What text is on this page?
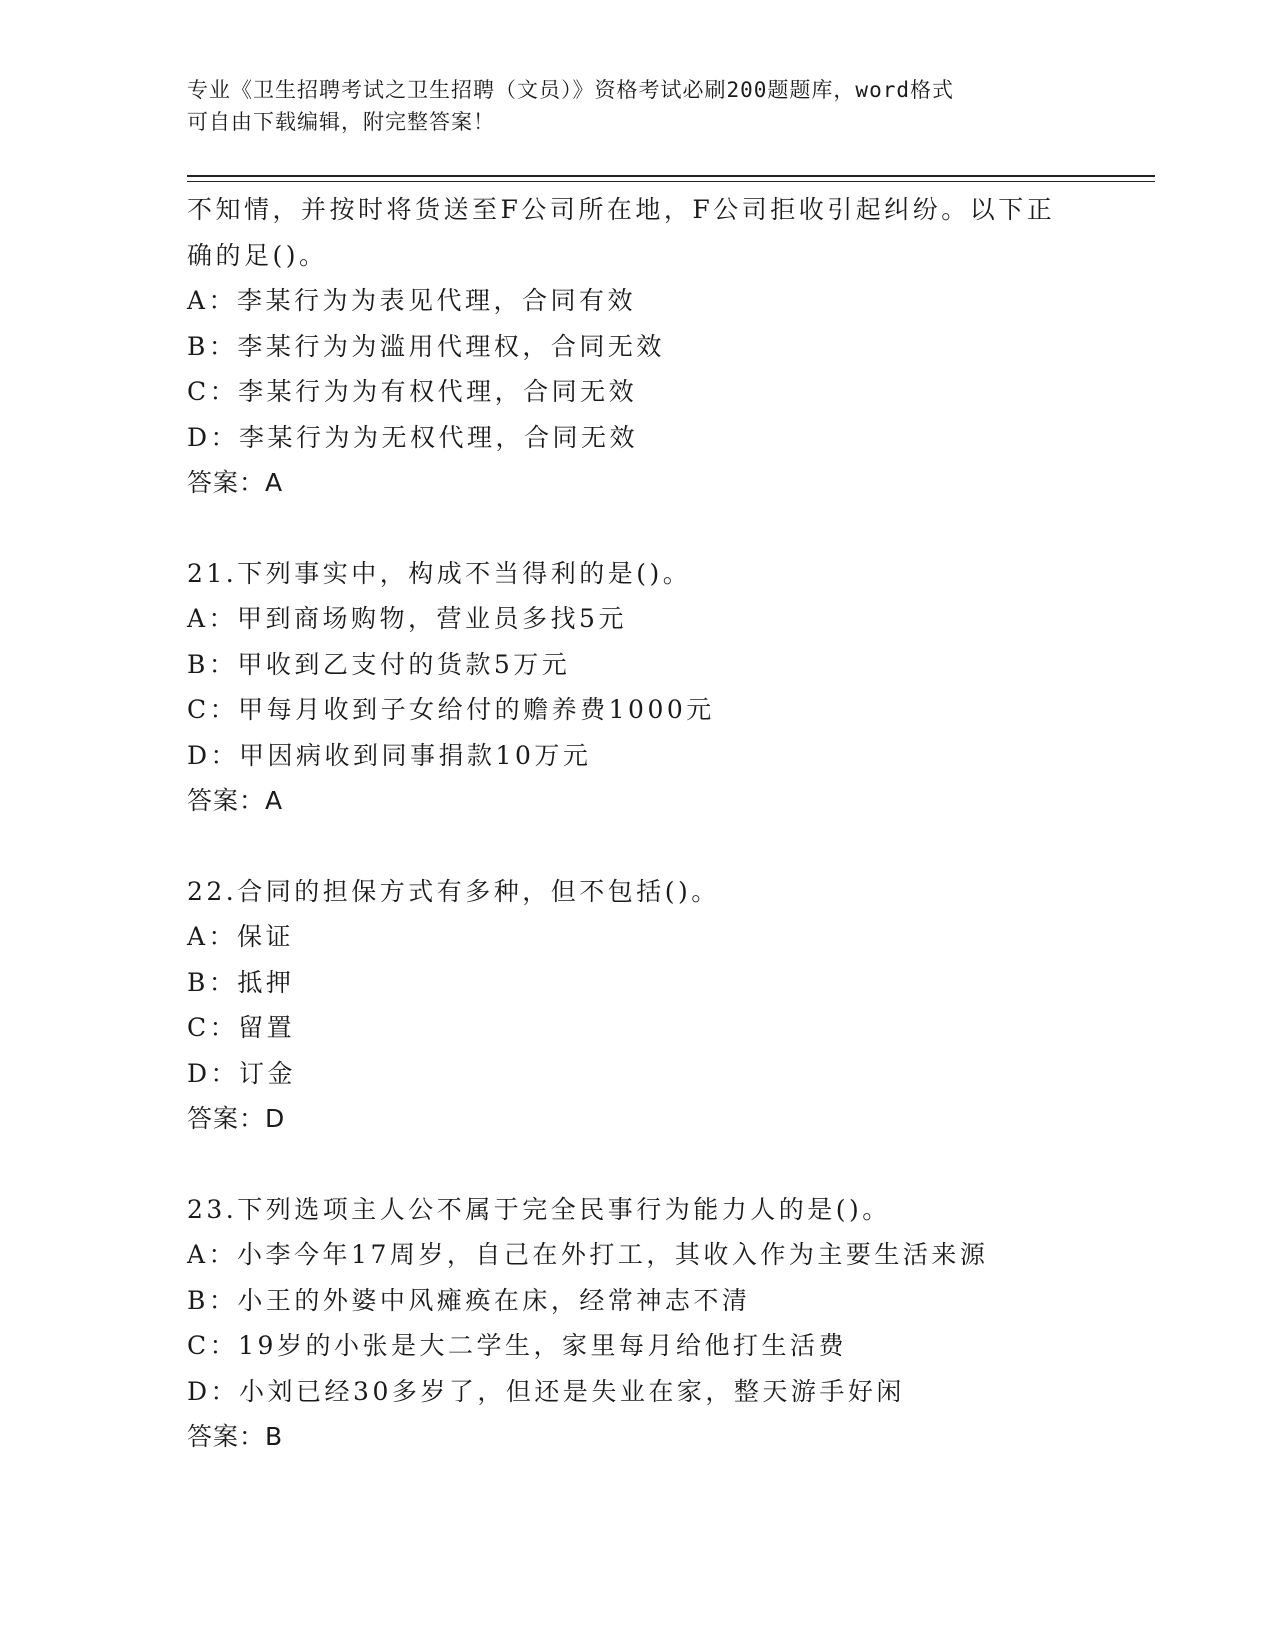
专业《卫生招聘考试之卫生招聘（文员）》资格考试必刷200题题库，word格式
可自由下载编辑，附完整答案！
不知情，并按时将货送至F公司所在地，F公司拒收引起纠纷。以下正
确的足()。
A：李某行为为表见代理，合同有效
B：李某行为为滥用代理权，合同无效
C：李某行为为有权代理，合同无效
D：李某行为为无权代理，合同无效
答案：A
21.下列事实中，构成不当得利的是()。
A：甲到商场购物，营业员多找5元
B：甲收到乙支付的货款5万元
C：甲每月收到子女给付的赡养费1000元
D：甲因病收到同事捐款10万元
答案：A
22.合同的担保方式有多种，但不包括()。
A：保证
B：抵押
C：留置
D：订金
答案：D
23.下列选项主人公不属于完全民事行为能力人的是()。
A：小李今年17周岁，自己在外打工，其收入作为主要生活来源
B：小王的外婆中风瘫痪在床，经常神志不清
C：19岁的小张是大二学生，家里每月给他打生活费
D：小刘已经30多岁了，但还是失业在家，整天游手好闲
答案：B
